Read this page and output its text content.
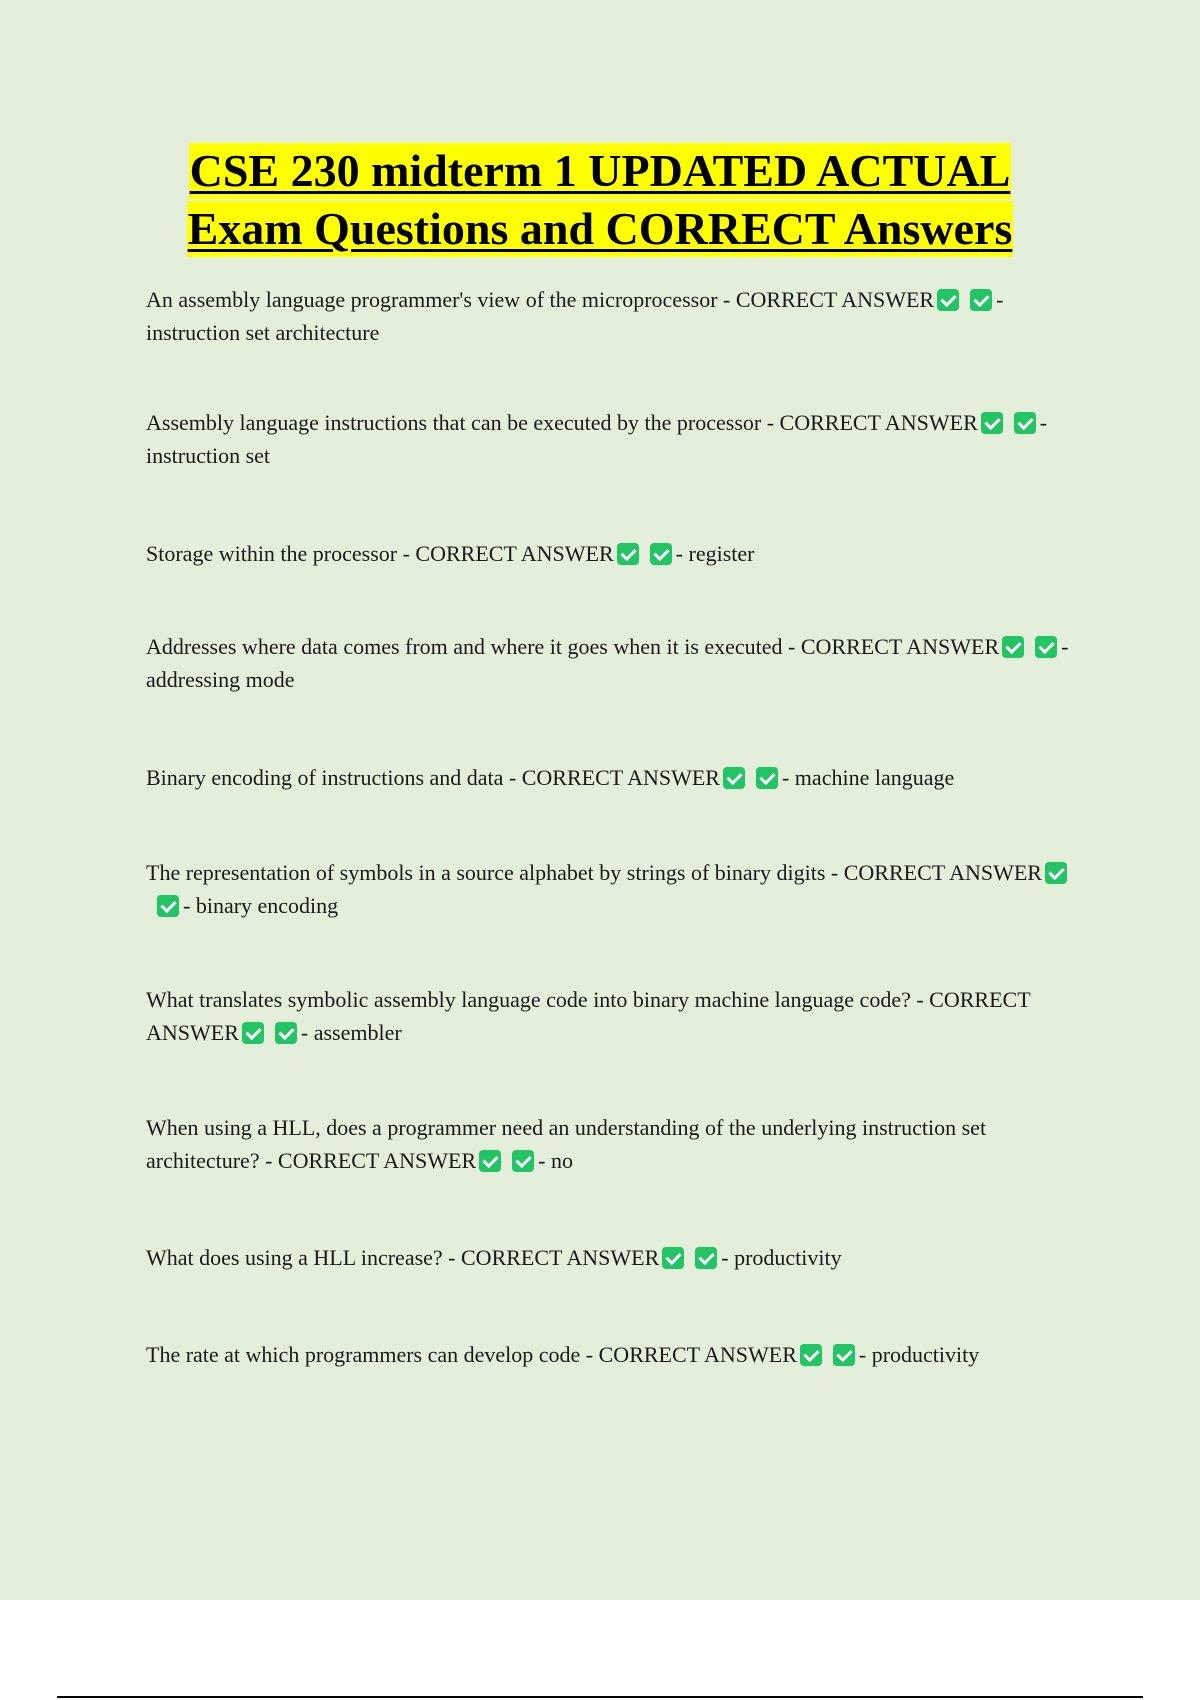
CSE 230 midterm 1 UPDATED ACTUAL
Exam Questions and CORRECT Answers
An assembly language programmer's view of the microprocessor - CORRECT ANSWER	- instruction set architecture
Assembly language instructions that can be executed by the processor - CORRECT ANSWER	- instruction set
Storage within the processor - CORRECT ANSWER	- register
Addresses where data comes from and where it goes when it is executed - CORRECT ANSWER	- addressing mode
Binary encoding of instructions and data - CORRECT ANSWER	- machine language
The representation of symbols in a source alphabet by strings of binary digits - CORRECT ANSWER- binary encoding
What translates symbolic assembly language code into binary machine language code? - CORRECT ANSWER	- assembler
When using a HLL, does a programmer need an understanding of the underlying instruction set architecture? - CORRECT ANSWER	- no
What does using a HLL increase? - CORRECT ANSWER	- productivity
The rate at which programmers can develop code - CORRECT ANSWER	- productivity
